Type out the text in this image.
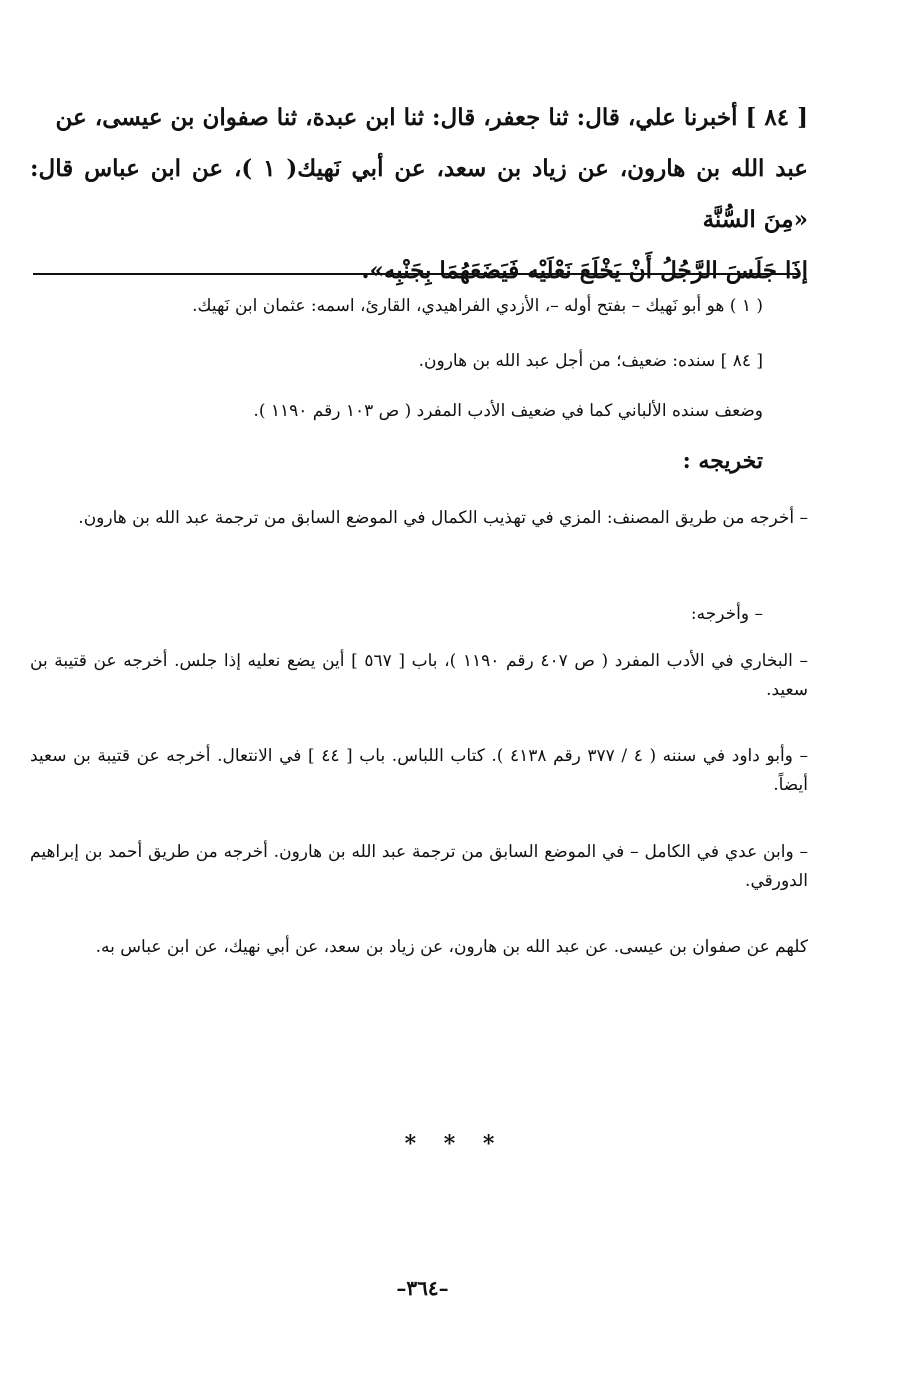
[ ٨٤ ] أخبرنا علي، قال: ثنا جعفر، قال: ثنا ابن عبدة، ثنا صفوان بن عيسى، عن

عبد الله بن هارون، عن زياد بن سعد، عن أبي نَهيك( ١ )، عن ابن عباس قال: «مِنَ السُّنَّة

إذَا جَلَسَ الرَّجُلُ أَنْ يَخْلَعَ نَعْلَيْه فَيَضَعَهُمَا بِجَنْبِه».

( ١ ) هو أبو نَهيك – بفتح أوله –، الأزدي الفراهيدي، القارئ، اسمه: عثمان ابن نَهيك.

[ ٨٤ ] سنده: ضعيف؛ من أجل عبد الله بن هارون.

وضعف سنده الألباني كما في ضعيف الأدب المفرد ( ص ١٠٣ رقم ١١٩٠ ).

تخريجه :

– أخرجه من طريق المصنف: المزي في تهذيب الكمال في الموضع السابق من ترجمة عبد الله بن هارون.

– وأخرجه:

– البخاري في الأدب المفرد ( ص ٤٠٧ رقم ١١٩٠ )، باب [ ٥٦٧ ] أين يضع نعليه إذا جلس. أخرجه عن قتيبة بن سعيد.

– وأبو داود في سننه ( ٤ / ٣٧٧ رقم ٤١٣٨ ). كتاب اللباس. باب [ ٤٤ ] في الانتعال. أخرجه عن قتيبة بن سعيد أيضاً.

– وابن عدي في الكامل – في الموضع السابق من ترجمة عبد الله بن هارون. أخرجه من طريق أحمد بن إبراهيم الدورقي.

كلهم عن صفوان بن عيسى. عن عبد الله بن هارون، عن زياد بن سعد، عن أبي نهيك، عن ابن عباس به.

* * *
–٣٦٤–
